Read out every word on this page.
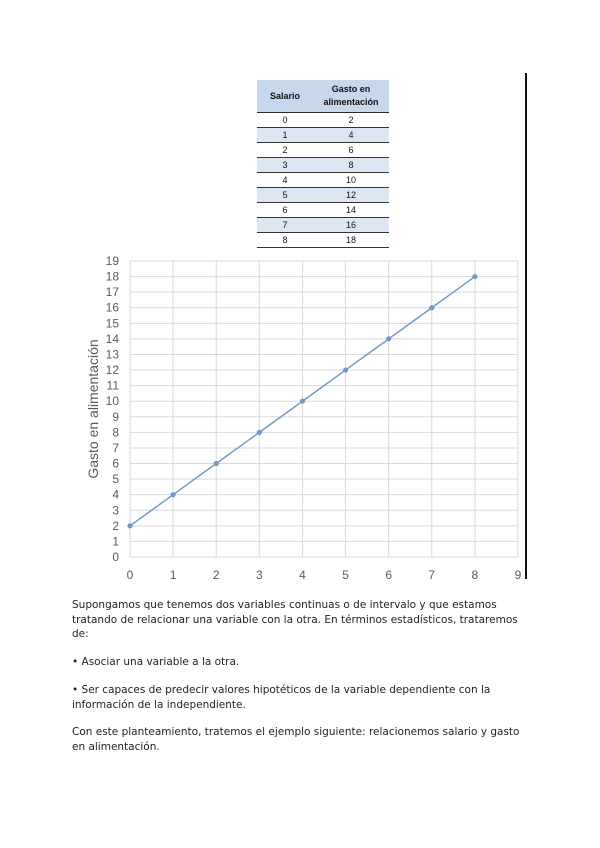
Salario	Gasto en alimentación
0	2
1	4
2	6
3	8
4	10
5	12
6	14
7	16
8	18
0
1
2
3
4
5
6
7
8
9
10
11
12
13
14
15
16
17
18
19
0	1	2	3	4	5	6	7	8	9
Gasto en alimentación

Supongamos que tenemos dos variables continuas o de intervalo y que estamos tratando de relacionar una variable con la otra. En términos estadísticos, trataremos de:

• Asociar una variable a la otra.

• Ser capaces de predecir valores hipotéticos de la variable dependiente con la información de la independiente.

Con este planteamiento, tratemos el ejemplo siguiente: relacionemos salario y gasto en alimentación.
